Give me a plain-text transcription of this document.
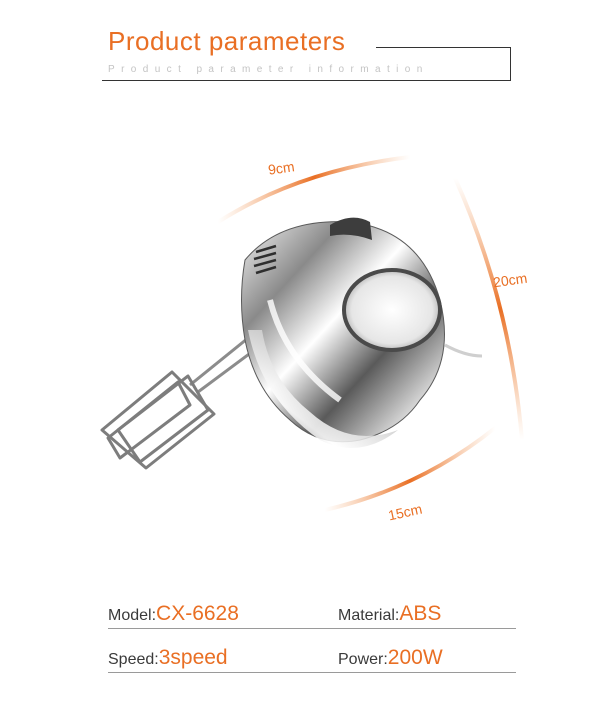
Product parameters
Product parameter information
9cm
20cm
15cm
Model:CX-6628	Material:ABS
Speed:3speed	Power:200W
